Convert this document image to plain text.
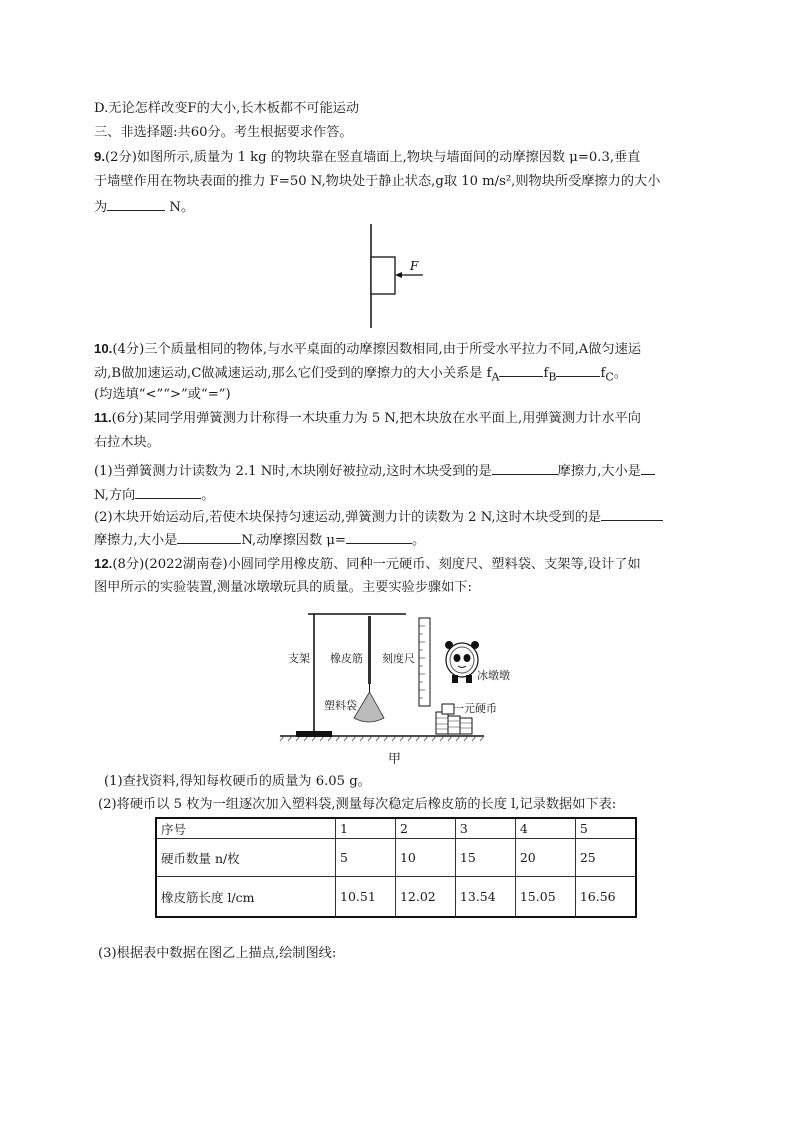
D.无论怎样改变F的大小,长木板都不可能运动
三、非选择题:共60分。考生根据要求作答。
9.(2分)如图所示,质量为 1 kg 的物块靠在竖直墙面上,物块与墙面间的动摩擦因数 μ=0.3,垂直
于墙壁作用在物块表面的推力 F=50 N,物块处于静止状态,g取 10 m/s²,则物块所受摩擦力的大小
为	N。
F
10.(4分)三个质量相同的物体,与水平桌面的动摩擦因数相同,由于所受水平拉力不同,A做匀速运
动,B做加速运动,C做减速运动,那么它们受到的摩擦力的大小关系是 $f_A$	$f_B$	$f_C$。
(均选填“<”“>”或“=”)
11.(6分)某同学用弹簧测力计称得一木块重力为 5 N,把木块放在水平面上,用弹簧测力计水平向
右拉木块。
(1)当弹簧测力计读数为 2.1 N时,木块刚好被拉动,这时木块受到的是	摩擦力,大小是
N,方向	。
(2)木块开始运动后,若使木块保持匀速运动,弹簧测力计的读数为 2 N,这时木块受到的是
摩擦力,大小是	N,动摩擦因数 μ=	。
12.(8分)(2022湖南卷)小圆同学用橡皮筋、同种一元硬币、刻度尺、塑料袋、支架等,设计了如
图甲所示的实验装置,测量冰墩墩玩具的质量。主要实验步骤如下:
支架 橡皮筋 刻度尺
冰墩墩
塑料袋	一元硬币
甲
(1)查找资料,得知每枚硬币的质量为 6.05 g。
(2)将硬币以 5 枚为一组逐次加入塑料袋,测量每次稳定后橡皮筋的长度 l,记录数据如下表:
序号	1	2	3	4	5
硬币数量 n/枚	5	10	15	20	25
橡皮筋长度 l/cm	10.51	12.02	13.54	15.05	16.56
(3)根据表中数据在图乙上描点,绘制图线:
